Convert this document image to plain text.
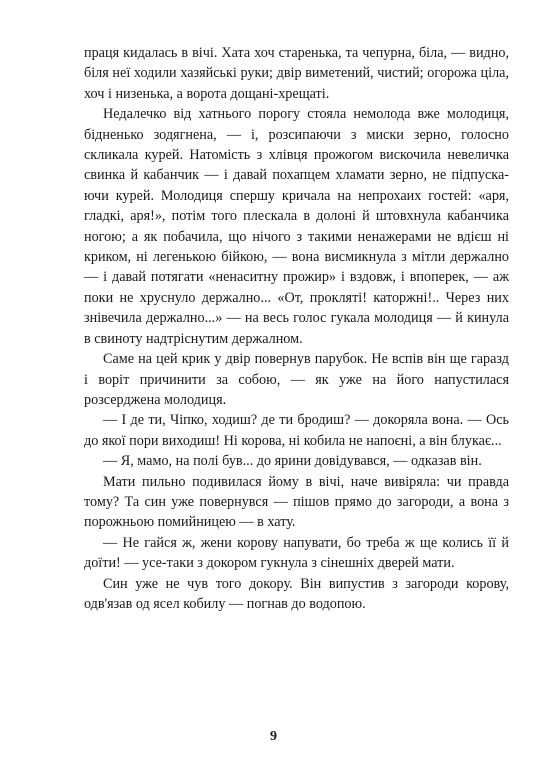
праця кидалась в вічі. Хата хоч старенька, та чепурна, біла, — видно, біля неї ходили хазяйські руки; двір виметений, чистий; огорожа ціла, хоч і низенька, а ворота дощані-хрещаті.

Недалечко від хатнього порогу стояла немолода вже молодиця, бідненько зодягнена, — і, розсипаючи з миски зерно, голосно скликала курей. Натомість з хлівця прожогом вискочила невеличка свинка й кабанчик — і давай похапцем хламати зерно, не підпускаючи курей. Молодиця спершу кричала на непрохаих гостей: «аря, гладкі, аря!», потім того плескала в долоні й штовхнула кабанчика ногою; а як побачила, що нічого з такими ненажерами не вдієш ні криком, ні легенькою бійкою, — вона висмикнула з мітли держално — і давай потягати «ненаситну прожир» і вздовж, і впоперек, — аж поки не хруснуло держално... «От, прокляті! каторжні!.. Через них знівечила держално...» — на весь голос гукала молодиця — й кинула в свиноту надтріснутим держалном.

Саме на цей крик у двір повернув парубок. Не вспів він ще гаразд і ворiт причинити за собою, — як уже на його напустилася розсерджена молодиця.

— І де ти, Чіпко, ходиш? де ти бродиш? — докоряла вона. — Ось до якої пори виходиш! Ні корова, ні кобила не напоєні, а він блукає...

— Я, мамо, на полі був... до ярини довідувався, — одказав він.

Мати пильно подивилася йому в вічі, наче вивіряла: чи правда тому? Та син уже повернувся — пішов прямо до загороди, а вона з порожньою помийницею — в хату.

— Не гайся ж, жени корову напувати, бо треба ж ще колись її й доїти! — усе-таки з докором гукнула з сінешніх дверей мати.

Син уже не чув того докору. Він випустив з загороди корову, одв'язав од ясел кобилу — погнав до водопою.

9
